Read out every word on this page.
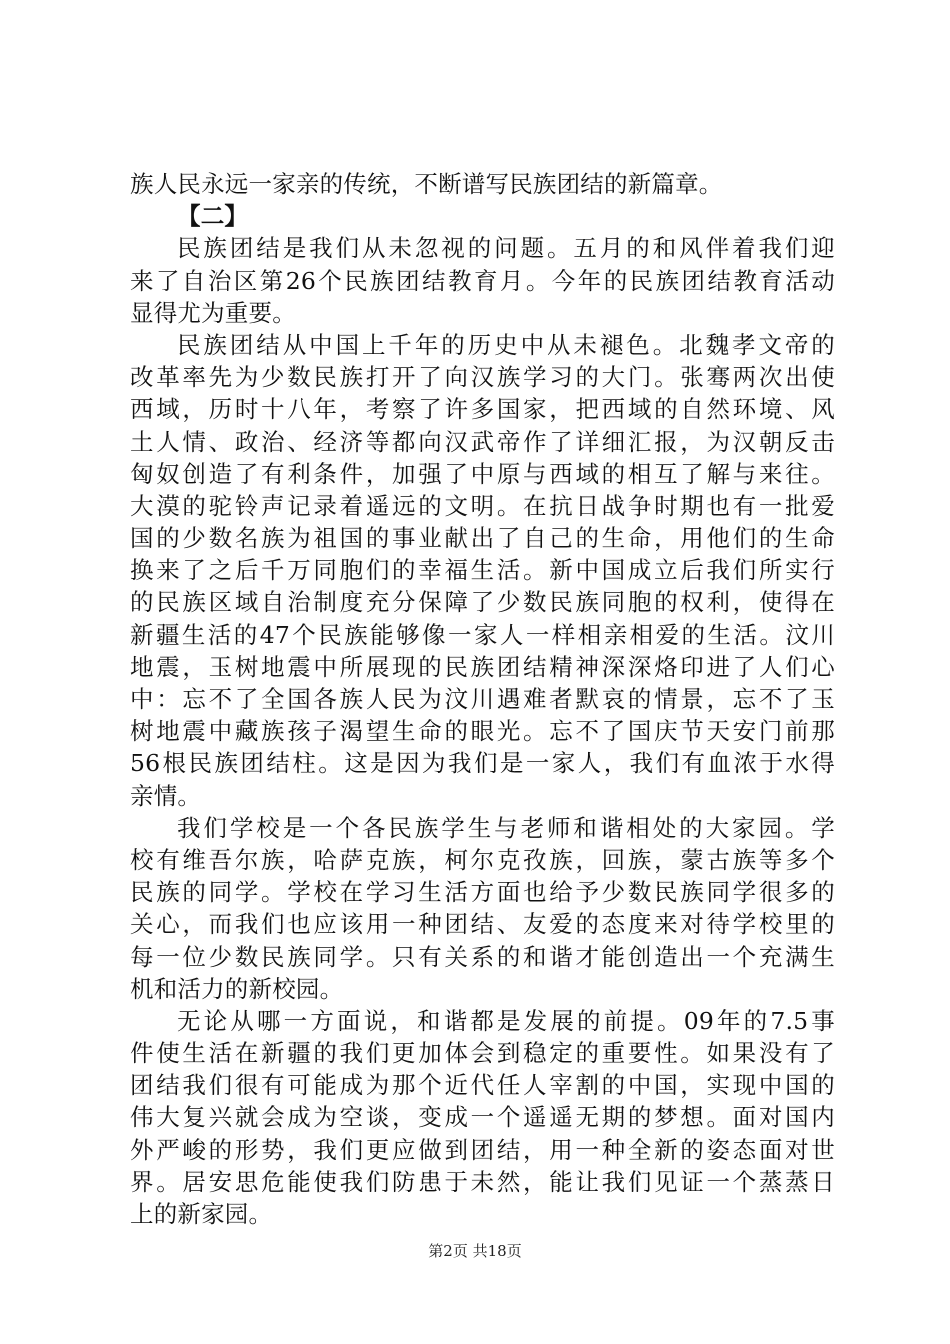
族人民永远一家亲的传统，不断谱写民族团结的新篇章。
【二】
民族团结是我们从未忽视的问题。五月的和风伴着我们迎
来了自治区第26个民族团结教育月。今年的民族团结教育活动
显得尤为重要。
民族团结从中国上千年的历史中从未褪色。北魏孝文帝的
改革率先为少数民族打开了向汉族学习的大门。张骞两次出使
西域，历时十八年，考察了许多国家，把西域的自然环境、风
土人情、政治、经济等都向汉武帝作了详细汇报，为汉朝反击
匈奴创造了有利条件，加强了中原与西域的相互了解与来往。
大漠的驼铃声记录着遥远的文明。在抗日战争时期也有一批爱
国的少数名族为祖国的事业献出了自己的生命，用他们的生命
换来了之后千万同胞们的幸福生活。新中国成立后我们所实行
的民族区域自治制度充分保障了少数民族同胞的权利，使得在
新疆生活的47个民族能够像一家人一样相亲相爱的生活。汶川
地震，玉树地震中所展现的民族团结精神深深烙印进了人们心
中：忘不了全国各族人民为汶川遇难者默哀的情景，忘不了玉
树地震中藏族孩子渴望生命的眼光。忘不了国庆节天安门前那
56根民族团结柱。这是因为我们是一家人，我们有血浓于水得
亲情。
我们学校是一个各民族学生与老师和谐相处的大家园。学
校有维吾尔族，哈萨克族，柯尔克孜族，回族，蒙古族等多个
民族的同学。学校在学习生活方面也给予少数民族同学很多的
关心，而我们也应该用一种团结、友爱的态度来对待学校里的
每一位少数民族同学。只有关系的和谐才能创造出一个充满生
机和活力的新校园。
无论从哪一方面说，和谐都是发展的前提。09年的7.5事
件使生活在新疆的我们更加体会到稳定的重要性。如果没有了
团结我们很有可能成为那个近代任人宰割的中国，实现中国的
伟大复兴就会成为空谈，变成一个遥遥无期的梦想。面对国内
外严峻的形势，我们更应做到团结，用一种全新的姿态面对世
界。居安思危能使我们防患于未然，能让我们见证一个蒸蒸日
上的新家园。
第2页 共18页
